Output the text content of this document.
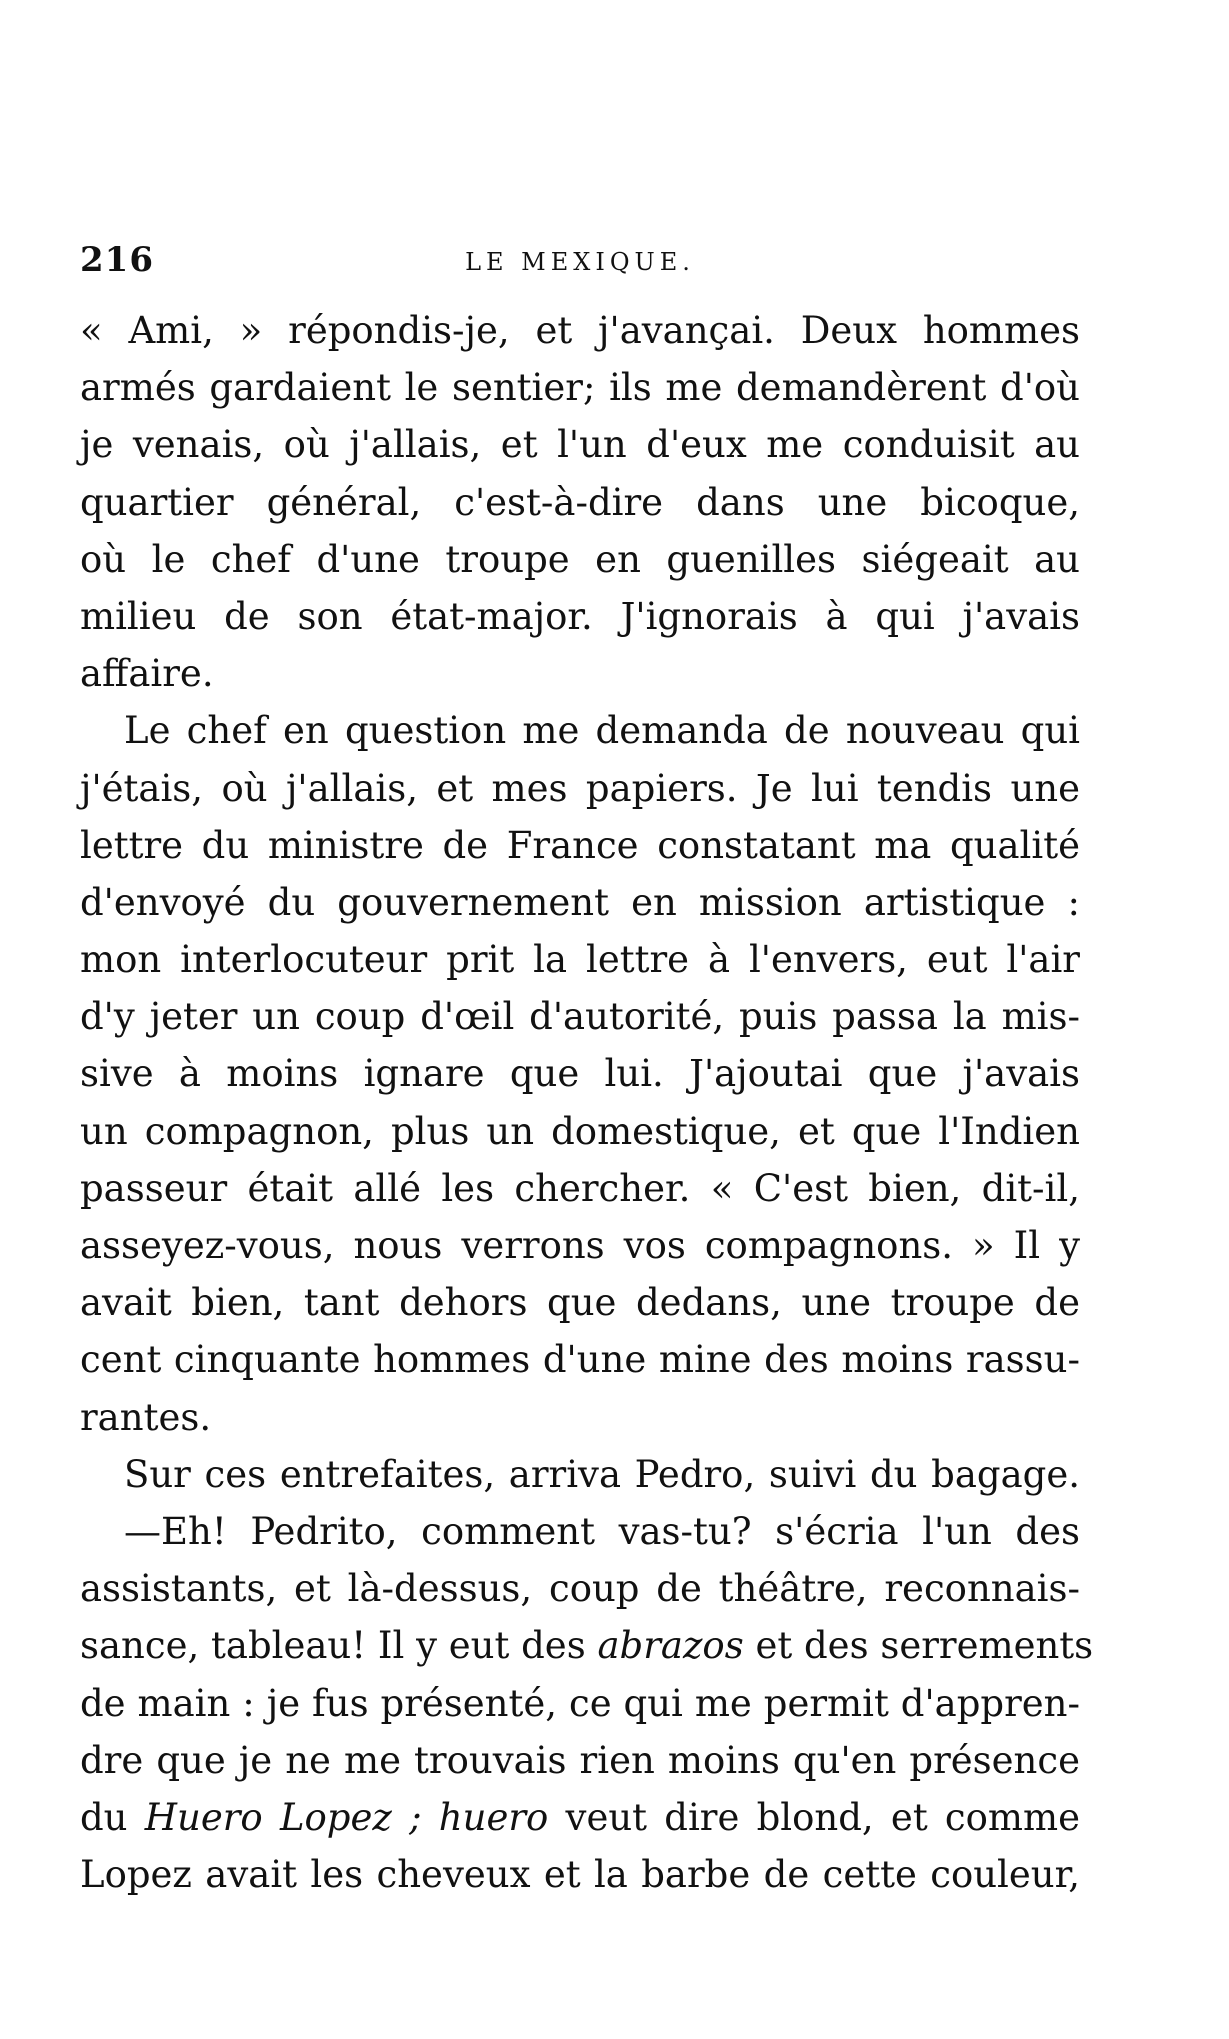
216	LE MEXIQUE.
« Ami, » répondis-je, et j'avançai. Deux hommes
armés gardaient le sentier; ils me demandèrent d'où
je venais, où j'allais, et l'un d'eux me conduisit au
quartier général, c'est-à-dire dans une bicoque,
où le chef d'une troupe en guenilles siégeait au
milieu de son état-major. J'ignorais à qui j'avais
affaire.
Le chef en question me demanda de nouveau qui
j'étais, où j'allais, et mes papiers. Je lui tendis une
lettre du ministre de France constatant ma qualité
d'envoyé du gouvernement en mission artistique :
mon interlocuteur prit la lettre à l'envers, eut l'air
d'y jeter un coup d'œil d'autorité, puis passa la mis-
sive à moins ignare que lui. J'ajoutai que j'avais
un compagnon, plus un domestique, et que l'Indien
passeur était allé les chercher. « C'est bien, dit-il,
asseyez-vous, nous verrons vos compagnons. » Il y
avait bien, tant dehors que dedans, une troupe de
cent cinquante hommes d'une mine des moins rassu-
rantes.
Sur ces entrefaites, arriva Pedro, suivi du bagage.
—Eh! Pedrito, comment vas-tu? s'écria l'un des
assistants, et là-dessus, coup de théâtre, reconnais-
sance, tableau! Il y eut des abrazos et des serrements
de main : je fus présenté, ce qui me permit d'appren-
dre que je ne me trouvais rien moins qu'en présence
du Huero Lopez ; huero veut dire blond, et comme
Lopez avait les cheveux et la barbe de cette couleur,
